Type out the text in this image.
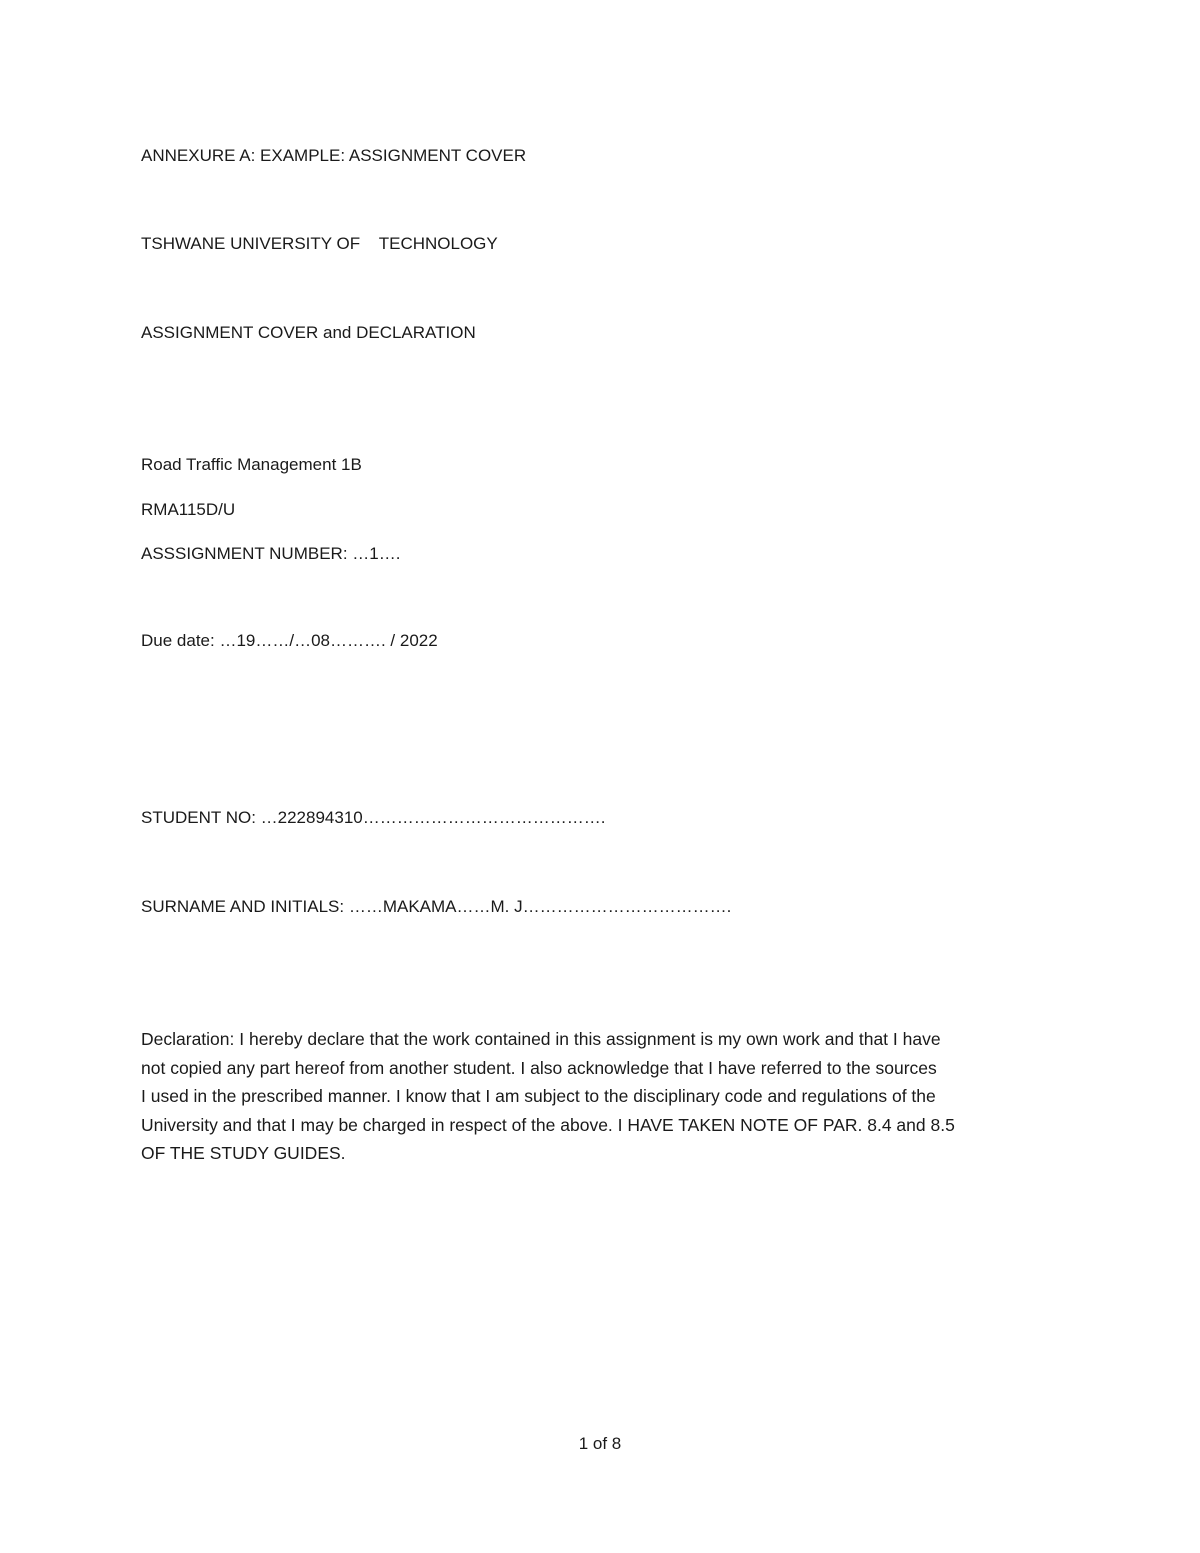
ANNEXURE A: EXAMPLE: ASSIGNMENT COVER
TSHWANE UNIVERSITY OF    TECHNOLOGY
ASSIGNMENT COVER and DECLARATION
Road Traffic Management 1B
RMA115D/U
ASSSIGNMENT NUMBER: …1….
Due date: …19……/…08………. / 2022
STUDENT NO: …222894310…………………………………….
SURNAME AND INITIALS: ……MAKAMA……M. J……………………………….
Declaration: I hereby declare that the work contained in this assignment is my own work and that I have
not copied any part hereof from another student. I also acknowledge that I have referred to the sources
I used in the prescribed manner. I know that I am subject to the disciplinary code and regulations of the
University and that I may be charged in respect of the above. I HAVE TAKEN NOTE OF PAR. 8.4 and 8.5
OF THE STUDY GUIDES.
1 of 8
